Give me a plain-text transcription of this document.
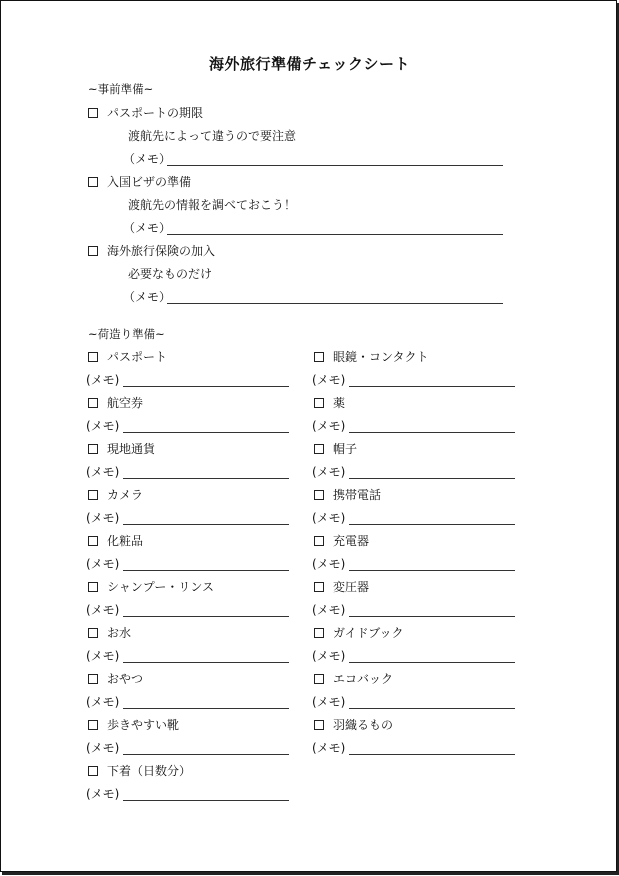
海外旅行準備チェックシート
~事前準備~
パスポートの期限
渡航先によって違うので要注意
（メモ）
入国ビザの準備
渡航先の情報を調べておこう！
（メモ）
海外旅行保険の加入
必要なものだけ
（メモ）
~荷造り準備~
パスポート
(メモ)
航空券
(メモ)
現地通貨
(メモ)
カメラ
(メモ)
化粧品
(メモ)
シャンプー・リンス
(メモ)
お水
(メモ)
おやつ
(メモ)
歩きやすい靴
(メモ)
下着（日数分）
(メモ)
眼鏡・コンタクト
(メモ)
薬
(メモ)
帽子
(メモ)
携帯電話
(メモ)
充電器
(メモ)
変圧器
(メモ)
ガイドブック
(メモ)
エコバック
(メモ)
羽織るもの
(メモ)
